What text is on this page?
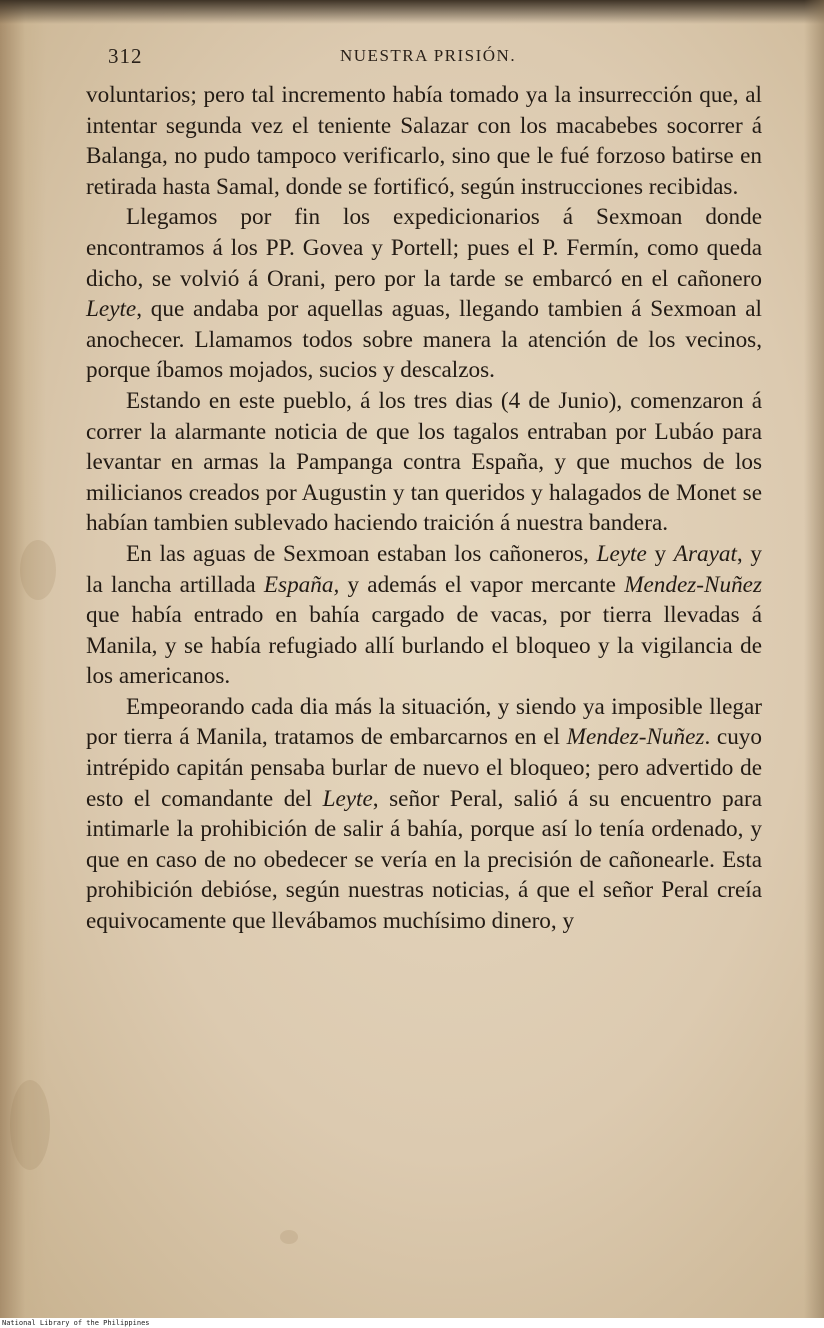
312	NUESTRA PRISIÓN.

voluntarios; pero tal incremento había tomado ya la insurrección que, al intentar segunda vez el teniente Salazar con los macabebes socorrer á Balanga, no pudo tampoco verificarlo, sino que le fué forzoso batirse en retirada hasta Samal, donde se fortificó, según instrucciones recibidas.

Llegamos por fin los expedicionarios á Sexmoan donde encontramos á los PP. Govea y Portell; pues el P. Fermín, como queda dicho, se volvió á Orani, pero por la tarde se embarcó en el cañonero Leyte, que andaba por aquellas aguas, llegando tambien á Sexmoan al anochecer. Llamamos todos sobre manera la atención de los vecinos, porque íbamos mojados, sucios y descalzos.

Estando en este pueblo, á los tres dias (4 de Junio), comenzaron á correr la alarmante noticia de que los tagalos entraban por Lubáo para levantar en armas la Pampanga contra España, y que muchos de los milicianos creados por Augustin y tan queridos y halagados de Monet se habían tambien sublevado haciendo traición á nuestra bandera.

En las aguas de Sexmoan estaban los cañoneros, Leyte y Arayat, y la lancha artillada España, y además el vapor mercante Mendez-Nuñez que había entrado en bahía cargado de vacas, por tierra llevadas á Manila, y se había refugiado allí burlando el bloqueo y la vigilancia de los americanos.

Empeorando cada dia más la situación, y siendo ya imposible llegar por tierra á Manila, tratamos de embarcarnos en el Mendez-Nuñez. cuyo intrépido capitán pensaba burlar de nuevo el bloqueo; pero advertido de esto el comandante del Leyte, señor Peral, salió á su encuentro para intimarle la prohibición de salir á bahía, porque así lo tenía ordenado, y que en caso de no obedecer se vería en la precisión de cañonearle. Esta prohibición debióse, según nuestras noticias, á que el señor Peral creía equivocamente que llevábamos muchísimo dinero, y

National Library of the Philippines
